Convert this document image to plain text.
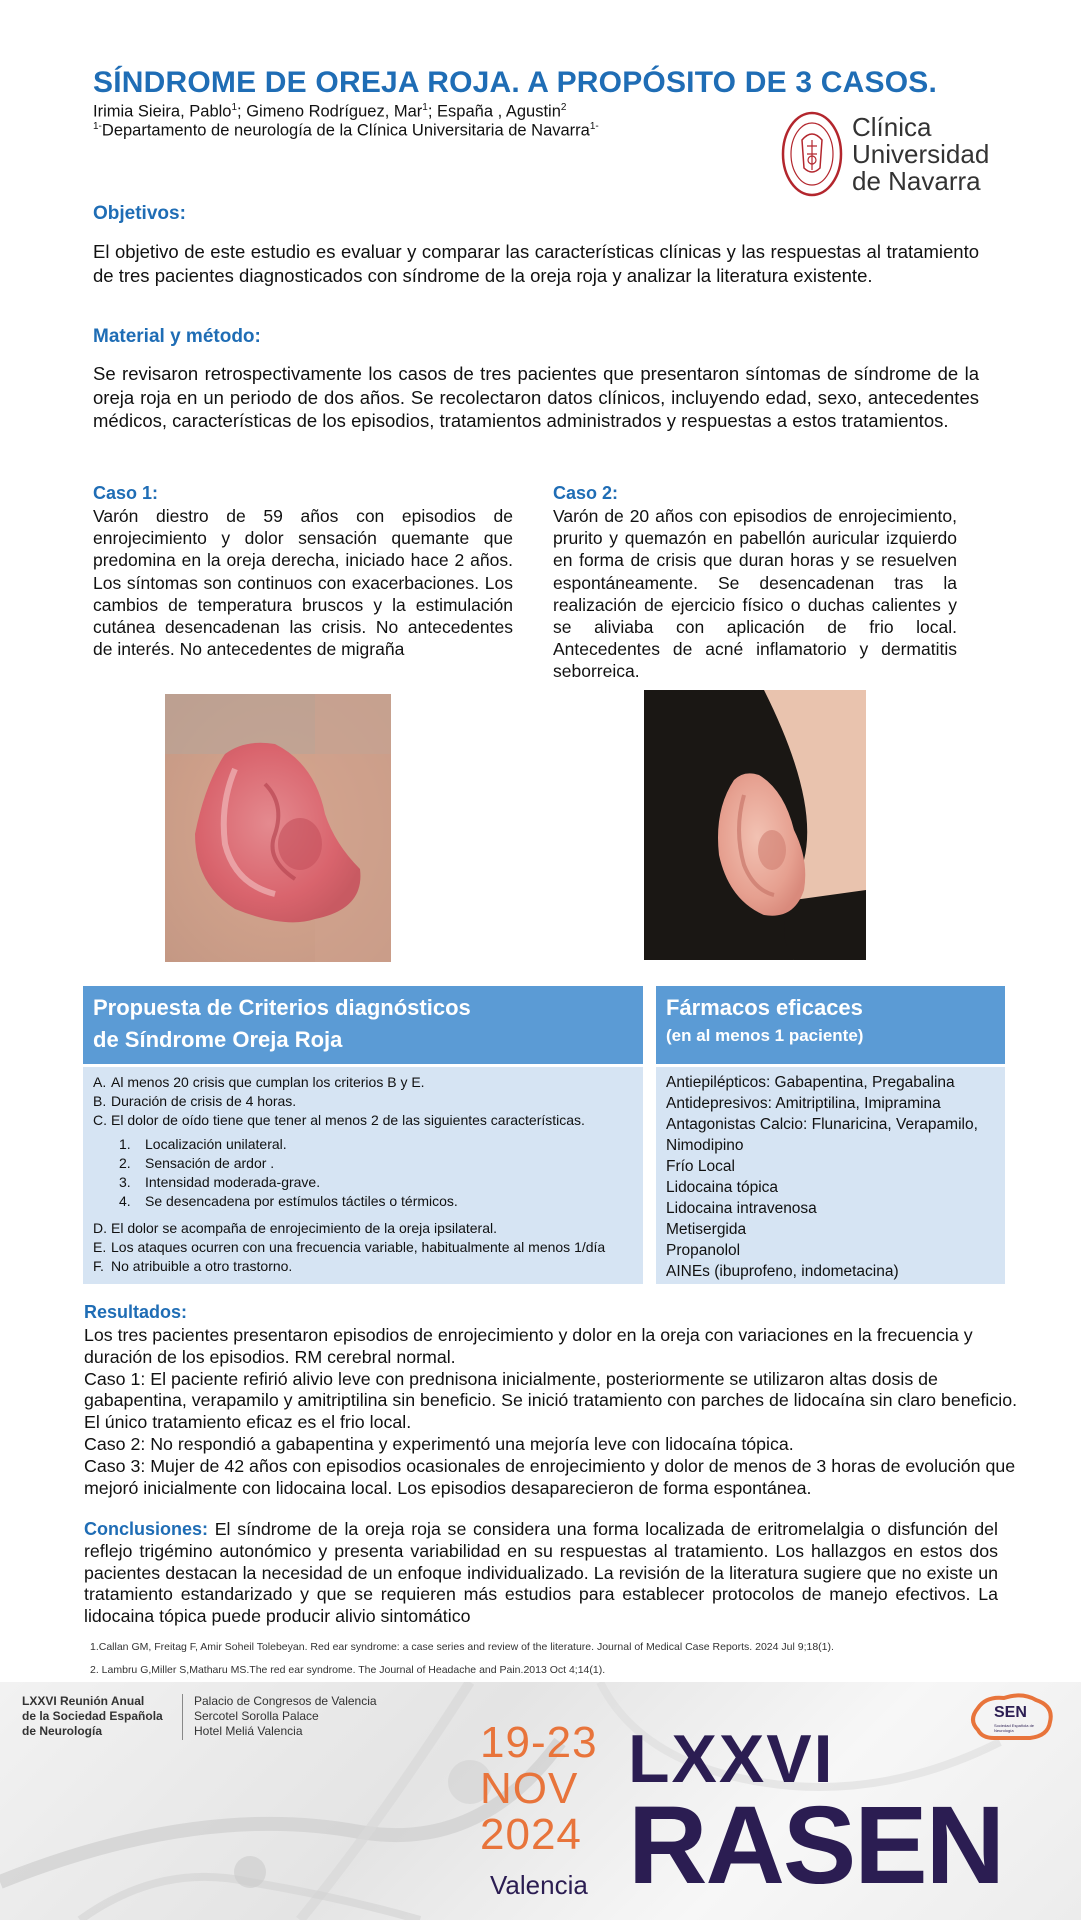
SÍNDROME DE OREJA ROJA. A PROPÓSITO DE 3 CASOS.
Irimia Sieira, Pablo$^1$; Gimeno Rodríguez, Mar$^1$; España , Agustin$^2$
$^{1-}$Departamento de neurología de la Clínica Universitaria de Navarra$^{1-}$	Clínica
Universidad
de Navarra
Objetivos:
El objetivo de este estudio es evaluar y comparar las características clínicas y las respuestas al tratamiento de tres pacientes diagnosticados con síndrome de la oreja roja y analizar la literatura existente.
Material y método:
Se revisaron retrospectivamente los casos de tres pacientes que presentaron síntomas de síndrome de la oreja roja en un periodo de dos años. Se recolectaron datos clínicos, incluyendo edad, sexo, antecedentes médicos, características de los episodios, tratamientos administrados y respuestas a estos tratamientos.
Caso 1:
Varón diestro de 59 años con episodios de enrojecimiento y dolor sensación quemante que predomina en la oreja derecha, iniciado hace 2 años. Los síntomas son continuos con exacerbaciones. Los cambios de temperatura bruscos y la estimulación cutánea desencadenan las crisis. No antecedentes de interés. No antecedentes de migraña
Caso 2:
Varón de 20 años con episodios de enrojecimiento, prurito y quemazón en pabellón auricular izquierdo en forma de crisis que duran horas y se resuelven espontáneamente. Se desencadenan tras la realización de ejercicio físico o duchas calientes y se aliviaba con aplicación de frio local. Antecedentes de acné inflamatorio y dermatitis seborreica.
Propuesta de Criterios diagnósticos
de Síndrome Oreja Roja
A. Al menos 20 crisis que cumplan los criterios B y E.
B. Duración de crisis de 4 horas.
C. El dolor de oído tiene que tener al menos 2 de las siguientes características.
1. Localización unilateral.
2. Sensación de ardor .
3. Intensidad moderada-grave.
4. Se desencadena por estímulos táctiles o térmicos.
D. El dolor se acompaña de enrojecimiento de la oreja ipsilateral.
E. Los ataques ocurren con una frecuencia variable, habitualmente al menos 1/día
F. No atribuible a otro trastorno.
Fármacos eficaces
(en al menos 1 paciente)
Antiepilépticos: Gabapentina, Pregabalina
Antidepresivos: Amitriptilina, Imipramina
Antagonistas Calcio: Flunaricina, Verapamilo,
Nimodipino
Frío Local
Lidocaina tópica
Lidocaina intravenosa
Metisergida
Propanolol
AINEs (ibuprofeno, indometacina)
Resultados:
Los tres pacientes presentaron episodios de enrojecimiento y dolor en la oreja con variaciones en la frecuencia y duración de los episodios. RM cerebral normal.
Caso 1: El paciente refirió alivio leve con prednisona inicialmente, posteriormente se utilizaron altas dosis de gabapentina, verapamilo y amitriptilina sin beneficio. Se inició tratamiento con parches de lidocaína sin claro beneficio. El único tratamiento eficaz es el frio local.
Caso 2: No respondió a gabapentina y experimentó una mejoría leve con lidocaína tópica.
Caso 3: Mujer de 42 años con episodios ocasionales de enrojecimiento y dolor de menos de 3 horas de evolución que mejoró inicialmente con lidocaina local. Los episodios desaparecieron de forma espontánea.
Conclusiones: El síndrome de la oreja roja se considera una forma localizada de eritromelalgia o disfunción del reflejo trigémino autonómico y presenta variabilidad en su respuestas al tratamiento. Los hallazgos en estos dos pacientes destacan la necesidad de un enfoque individualizado. La revisión de la literatura sugiere que no existe un tratamiento estandarizado y que se requieren más estudios para establecer protocolos de manejo efectivos. La lidocaina tópica puede producir alivio sintomático
1.Callan GM, Freitag F, Amir Soheil Tolebeyan. Red ear syndrome: a case series and review of the literature. Journal of Medical Case Reports. 2024 Jul 9;18(1).
2. Lambru G,Miller S,Matharu MS.The red ear syndrome. The Journal of Headache and Pain.2013 Oct 4;14(1).
LXXVI Reunión Anual
de la Sociedad Española
de Neurología
Palacio de Congresos de Valencia
Sercotel Sorolla Palace
Hotel Meliá Valencia	19-23
NOV
2024
Valencia
LXXVI
RASEN
SEN
Sociedad Española de Neurología
